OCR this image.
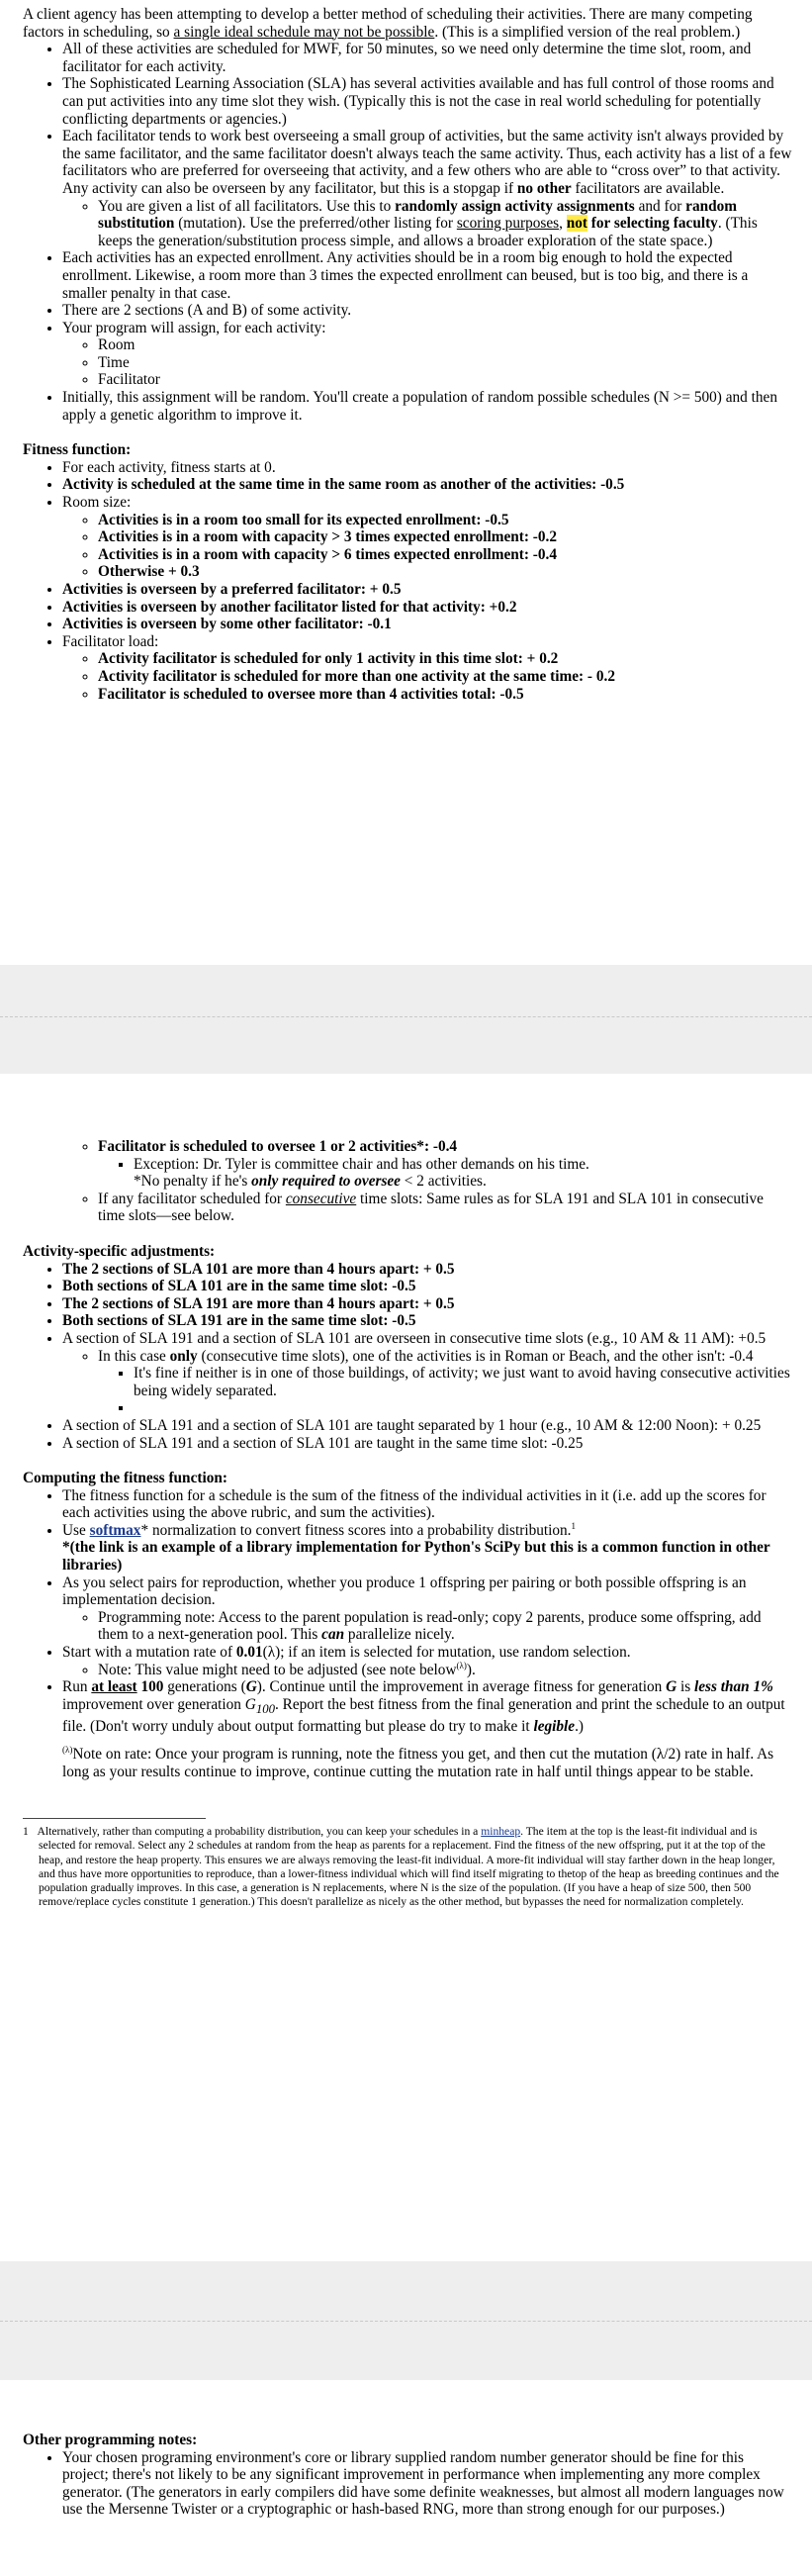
A client agency has been attempting to develop a better method of scheduling their activities. There are many competing factors in scheduling, so a single ideal schedule may not be possible. (This is a simplified version of the real problem.)

• All of these activities are scheduled for MWF, for 50 minutes, so we need only determine the time slot, room, and facilitator for each activity.
• The Sophisticated Learning Association (SLA) has several activities available and has full control of those rooms and can put activities into any time slot they wish. (Typically this is not the case in real world scheduling for potentially conflicting departments or agencies.)
• Each facilitator tends to work best overseeing a small group of activities, but the same activity isn't always provided by the same facilitator, and the same facilitator doesn't always teach the same activity. Thus, each activity has a list of a few facilitators who are preferred for overseeing that activity, and a few others who are able to “cross over” to that activity. Any activity can also be overseen by any facilitator, but this is a stopgap if no other facilitators are available.
◦ You are given a list of all facilitators. Use this to randomly assign activity assignments and for random substitution (mutation). Use the preferred/other listing for scoring purposes, not for selecting faculty. (This keeps the generation/substitution process simple, and allows a broader exploration of the state space.)
• Each activities has an expected enrollment. Any activities should be in a room big enough to hold the expected enrollment. Likewise, a room more than 3 times the expected enrollment can beused, but is too big, and there is a smaller penalty in that case.
• There are 2 sections (A and B) of some activity.
• Your program will assign, for each activity:
◦ Room
◦ Time
◦ Facilitator
• Initially, this assignment will be random. You'll create a population of random possible schedules (N >= 500) and then apply a genetic algorithm to improve it.
Fitness function:
• For each activity, fitness starts at 0.
• Activity is scheduled at the same time in the same room as another of the activities: -0.5
• Room size:
◦ Activities is in a room too small for its expected enrollment: -0.5
◦ Activities is in a room with capacity > 3 times expected enrollment: -0.2
◦ Activities is in a room with capacity > 6 times expected enrollment: -0.4
◦ Otherwise + 0.3
• Activities is overseen by a preferred facilitator: + 0.5
• Activities is overseen by another facilitator listed for that activity: +0.2
• Activities is overseen by some other facilitator: -0.1
• Facilitator load:
◦ Activity facilitator is scheduled for only 1 activity in this time slot: + 0.2
◦ Activity facilitator is scheduled for more than one activity at the same time: - 0.2
◦ Facilitator is scheduled to oversee more than 4 activities total: -0.5
◦ Facilitator is scheduled to oversee 1 or 2 activities*: -0.4
▪ Exception: Dr. Tyler is committee chair and has other demands on his time.
*No penalty if he's only required to oversee < 2 activities.
◦ If any facilitator scheduled for consecutive time slots: Same rules as for SLA 191 and SLA 101 in consecutive time slots—see below.
Activity-specific adjustments:
• The 2 sections of SLA 101 are more than 4 hours apart: + 0.5
• Both sections of SLA 101 are in the same time slot: -0.5
• The 2 sections of SLA 191 are more than 4 hours apart: + 0.5
• Both sections of SLA 191 are in the same time slot: -0.5
• A section of SLA 191 and a section of SLA 101 are overseen in consecutive time slots (e.g., 10 AM & 11 AM): +0.5
◦ In this case only (consecutive time slots), one of the activities is in Roman or Beach, and the other isn't: -0.4
▪ It's fine if neither is in one of those buildings, of activity; we just want to avoid having consecutive activities being widely separated.
▪
• A section of SLA 191 and a section of SLA 101 are taught separated by 1 hour (e.g., 10 AM & 12:00 Noon): + 0.25
• A section of SLA 191 and a section of SLA 101 are taught in the same time slot: -0.25
Computing the fitness function:
• The fitness function for a schedule is the sum of the fitness of the individual activities in it (i.e. add up the scores for each activities using the above rubric, and sum the activities).
• Use softmax* normalization to convert fitness scores into a probability distribution.$^1$
*(the link is an example of a library implementation for Python's SciPy but this is a common function in other libraries)
• As you select pairs for reproduction, whether you produce 1 offspring per pairing or both possible offspring is an implementation decision.
◦ Programming note: Access to the parent population is read-only; copy 2 parents, produce some offspring, add them to a next-generation pool. This can parallelize nicely.
• Start with a mutation rate of 0.01(λ); if an item is selected for mutation, use random selection.
◦ Note: This value might need to be adjusted (see note below$^{(\lambda)}$).
• Run at least 100 generations (G). Continue until the improvement in average fitness for generation G is less than 1% improvement over generation $G_{100}$. Report the best fitness from the final generation and print the schedule to an output file. (Don't worry unduly about output formatting but please do try to make it legible.)

$^{(\lambda)}$Note on rate: Once your program is running, note the fitness you get, and then cut the mutation (λ/2) rate in half. As long as your results continue to improve, continue cutting the mutation rate in half until things appear to be stable.

1 Alternatively, rather than computing a probability distribution, you can keep your schedules in a minheap. The item at the top is the least-fit individual and is selected for removal. Select any 2 schedules at random from the heap as parents for a replacement. Find the fitness of the new offspring, put it at the top of the heap, and restore the heap property. This ensures we are always removing the least-fit individual. A more-fit individual will stay farther down in the heap longer, and thus have more opportunities to reproduce, than a lower-fitness individual which will find itself migrating to thetop of the heap as breeding continues and the population gradually improves. In this case, a generation is N replacements, where N is the size of the population. (If you have a heap of size 500, then 500 remove/replace cycles constitute 1 generation.) This doesn't parallelize as nicely as the other method, but bypasses the need for normalization completely.

Other programming notes:
• Your chosen programing environment's core or library supplied random number generator should be fine for this project; there's not likely to be any significant improvement in performance when implementing any more complex generator. (The generators in early compilers did have some definite weaknesses, but almost all modern languages now use the Mersenne Twister or a cryptographic or hash-based RNG, more than strong enough for our purposes.)
